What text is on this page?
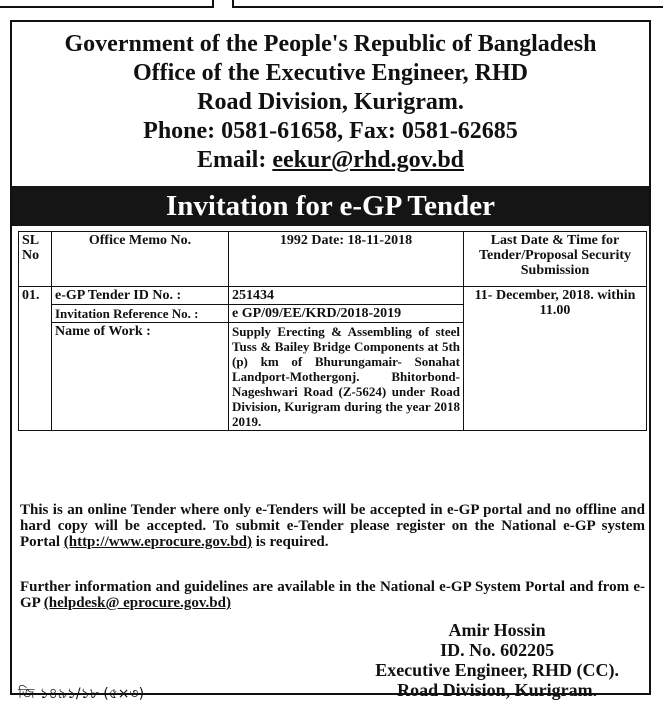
Government of the People's Republic of Bangladesh
Office of the Executive Engineer, RHD
Road Division, Kurigram.
Phone: 0581-61658, Fax: 0581-62685
Email: eekur@rhd.gov.bd
Invitation for e-GP Tender
SL No	Office Memo No.	1992 Date: 18-11-2018	Last Date & Time for Tender/Proposal Security Submission
01.	e-GP Tender ID No. :	251434	11- December, 2018. within 11.00
	Invitation Reference No. :	e GP/09/EE/KRD/2018-2019	
	Name of Work :	Supply Erecting & Assembling of steel Tuss & Bailey Bridge Components at 5th (p) km of Bhurungamair- Sonahat Landport-Mothergonj. Bhitorbond-Nageshwari Road (Z-5624) under Road Division, Kurigram during the year 2018 2019.	
This is an online Tender where only e-Tenders will be accepted in e-GP portal and no offline and hard copy will be accepted. To submit e-Tender please register on the National e-GP system Portal (http://www.eprocure.gov.bd) is required.
Further information and guidelines are available in the National e-GP System Portal and from e-GP (helpdesk@ eprocure.gov.bd)
Amir Hossin
ID. No. 602205
Executive Engineer, RHD (CC).
Road Division, Kurigram.
জি-১৪৯১/১৮ (৫×৩)
